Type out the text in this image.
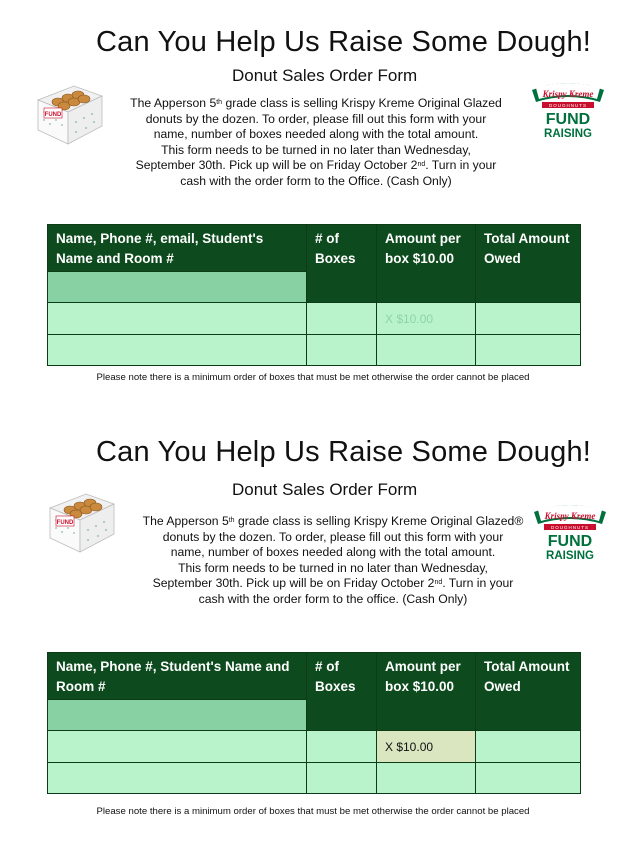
Can You Help Us Raise Some Dough!
Donut Sales Order Form
FUND
Krispy Kreme
DOUGHNUTS
FUND
RAISING

The Apperson 5th grade class is selling Krispy Kreme Original Glazed

donuts by the dozen. To order, please fill out this form with your

name, number of boxes needed along with the total amount.

This form needs to be turned in no later than Wednesday,

September 30th. Pick up will be on Friday October 2nd. Turn in your

cash with the order form to the Office. (Cash Only)

Name, Phone #, email, Student's Name and Room #	# of Boxes	Amount per box $10.00	Total Amount Owed

		X $10.00	

Please note there is a minimum order of boxes that must be met otherwise the order cannot be placed
Can You Help Us Raise Some Dough!
Donut Sales Order Form
FUND
Krispy Kreme
DOUGHNUTS
FUND
RAISING

The Apperson 5th grade class is selling Krispy Kreme Original Glazed®

donuts by the dozen. To order, please fill out this form with your

name, number of boxes needed along with the total amount.

This form needs to be turned in no later than Wednesday,

September 30th. Pick up will be on Friday October 2nd. Turn in your

cash with the order form to the office. (Cash Only)

Name, Phone #, Student's Name and Room #	# of Boxes	Amount per box $10.00	Total Amount Owed

		X $10.00	

Please note there is a minimum order of boxes that must be met otherwise the order cannot be placed
